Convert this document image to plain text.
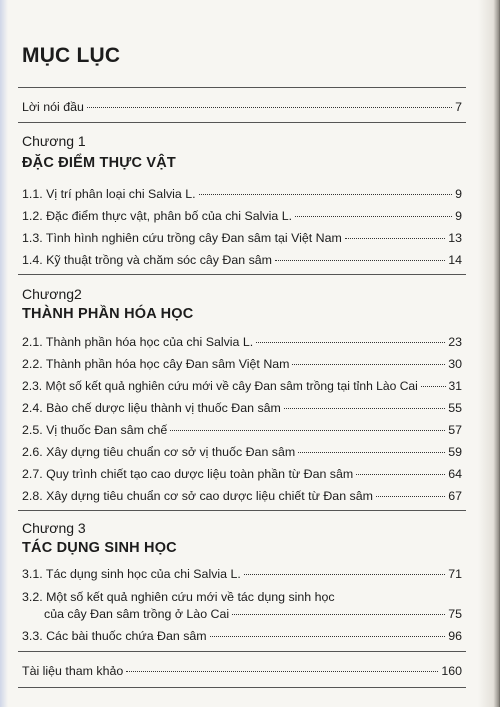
MỤC LỤC
Lời nói đầu	7
Chương 1
ĐẶC ĐIỂM THỰC VẬT
1.1. Vị trí phân loại chi Salvia L.	9
1.2. Đặc điểm thực vật, phân bố của chi Salvia L.	9
1.3. Tình hình nghiên cứu trồng cây Đan sâm tại Việt Nam	13
1.4. Kỹ thuật trồng và chăm sóc cây Đan sâm	14
Chương2
THÀNH PHẦN HÓA HỌC
2.1. Thành phần hóa học của chi Salvia L.	23
2.2. Thành phần hóa học cây Đan sâm Việt Nam	30
2.3. Một số kết quả nghiên cứu mới về cây Đan sâm trồng tại tỉnh Lào Cai	31
2.4. Bào chế dược liệu thành vị thuốc Đan sâm	55
2.5. Vị thuốc Đan sâm chế	57
2.6. Xây dựng tiêu chuẩn cơ sở vị thuốc Đan sâm	59
2.7. Quy trình chiết tạo cao dược liệu toàn phần từ Đan sâm	64
2.8. Xây dựng tiêu chuẩn cơ sở cao dược liệu chiết từ Đan sâm	67
Chương 3
TÁC DỤNG SINH HỌC
3.1. Tác dụng sinh học của chi Salvia L.	71
3.2. Một số kết quả nghiên cứu mới về tác dụng sinh học
của cây Đan sâm trồng ở Lào Cai	75
3.3. Các bài thuốc chứa Đan sâm	96
Tài liệu tham khảo	160
